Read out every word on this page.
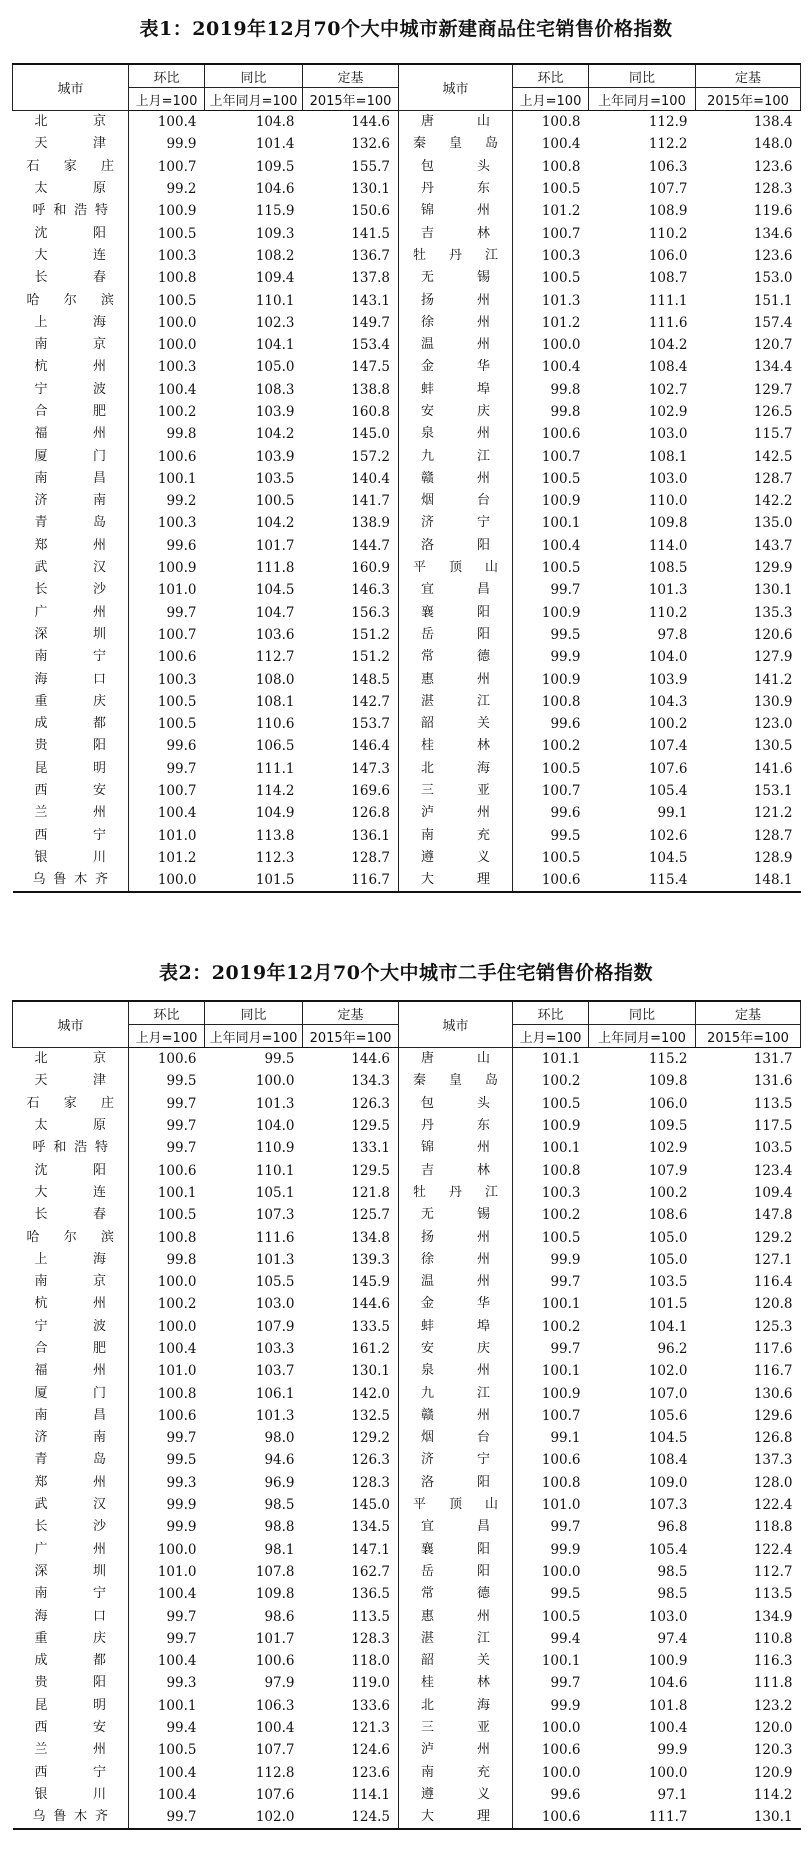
表1：2019年12月70个大中城市新建商品住宅销售价格指数
城市	环比	同比	定基	城市	环比	同比	定基
	上月=100	上年同月=100	2015年=100		上月=100	上年同月=100	2015年=100
北京	100.4	104.8	144.6	唐山	100.8	112.9	138.4
天津	99.9	101.4	132.6	秦皇岛	100.4	112.2	148.0
石家庄	100.7	109.5	155.7	包头	100.8	106.3	123.6
太原	99.2	104.6	130.1	丹东	100.5	107.7	128.3
呼和浩特	100.9	115.9	150.6	锦州	101.2	108.9	119.6
沈阳	100.5	109.3	141.5	吉林	100.7	110.2	134.6
大连	100.3	108.2	136.7	牡丹江	100.3	106.0	123.6
长春	100.8	109.4	137.8	无锡	100.5	108.7	153.0
哈尔滨	100.5	110.1	143.1	扬州	101.3	111.1	151.1
上海	100.0	102.3	149.7	徐州	101.2	111.6	157.4
南京	100.0	104.1	153.4	温州	100.0	104.2	120.7
杭州	100.3	105.0	147.5	金华	100.4	108.4	134.4
宁波	100.4	108.3	138.8	蚌埠	99.8	102.7	129.7
合肥	100.2	103.9	160.8	安庆	99.8	102.9	126.5
福州	99.8	104.2	145.0	泉州	100.6	103.0	115.7
厦门	100.6	103.9	157.2	九江	100.7	108.1	142.5
南昌	100.1	103.5	140.4	赣州	100.5	103.0	128.7
济南	99.2	100.5	141.7	烟台	100.9	110.0	142.2
青岛	100.3	104.2	138.9	济宁	100.1	109.8	135.0
郑州	99.6	101.7	144.7	洛阳	100.4	114.0	143.7
武汉	100.9	111.8	160.9	平顶山	100.5	108.5	129.9
长沙	101.0	104.5	146.3	宜昌	99.7	101.3	130.1
广州	99.7	104.7	156.3	襄阳	100.9	110.2	135.3
深圳	100.7	103.6	151.2	岳阳	99.5	97.8	120.6
南宁	100.6	112.7	151.2	常德	99.9	104.0	127.9
海口	100.3	108.0	148.5	惠州	100.9	103.9	141.2
重庆	100.5	108.1	142.7	湛江	100.8	104.3	130.9
成都	100.5	110.6	153.7	韶关	99.6	100.2	123.0
贵阳	99.6	106.5	146.4	桂林	100.2	107.4	130.5
昆明	99.7	111.1	147.3	北海	100.5	107.6	141.6
西安	100.7	114.2	169.6	三亚	100.7	105.4	153.1
兰州	100.4	104.9	126.8	泸州	99.6	99.1	121.2
西宁	101.0	113.8	136.1	南充	99.5	102.6	128.7
银川	101.2	112.3	128.7	遵义	100.5	104.5	128.9
乌鲁木齐	100.0	101.5	116.7	大理	100.6	115.4	148.1
表2：2019年12月70个大中城市二手住宅销售价格指数
城市	环比	同比	定基	城市	环比	同比	定基
	上月=100	上年同月=100	2015年=100		上月=100	上年同月=100	2015年=100
北京	100.6	99.5	144.6	唐山	101.1	115.2	131.7
天津	99.5	100.0	134.3	秦皇岛	100.2	109.8	131.6
石家庄	99.7	101.3	126.3	包头	100.5	106.0	113.5
太原	99.7	104.0	129.5	丹东	100.9	109.5	117.5
呼和浩特	99.7	110.9	133.1	锦州	100.1	102.9	103.5
沈阳	100.6	110.1	129.5	吉林	100.8	107.9	123.4
大连	100.1	105.1	121.8	牡丹江	100.3	100.2	109.4
长春	100.5	107.3	125.7	无锡	100.2	108.6	147.8
哈尔滨	100.8	111.6	134.8	扬州	100.5	105.0	129.2
上海	99.8	101.3	139.3	徐州	99.9	105.0	127.1
南京	100.0	105.5	145.9	温州	99.7	103.5	116.4
杭州	100.2	103.0	144.6	金华	100.1	101.5	120.8
宁波	100.0	107.9	133.5	蚌埠	100.2	104.1	125.3
合肥	100.4	103.3	161.2	安庆	99.7	96.2	117.6
福州	101.0	103.7	130.1	泉州	100.1	102.0	116.7
厦门	100.8	106.1	142.0	九江	100.9	107.0	130.6
南昌	100.6	101.3	132.5	赣州	100.7	105.6	129.6
济南	99.7	98.0	129.2	烟台	99.1	104.5	126.8
青岛	99.5	94.6	126.3	济宁	100.6	108.4	137.3
郑州	99.3	96.9	128.3	洛阳	100.8	109.0	128.0
武汉	99.9	98.5	145.0	平顶山	101.0	107.3	122.4
长沙	99.9	98.8	134.5	宜昌	99.7	96.8	118.8
广州	100.0	98.1	147.1	襄阳	99.9	105.4	122.4
深圳	101.0	107.8	162.7	岳阳	100.0	98.5	112.7
南宁	100.4	109.8	136.5	常德	99.5	98.5	113.5
海口	99.7	98.6	113.5	惠州	100.5	103.0	134.9
重庆	99.7	101.7	128.3	湛江	99.4	97.4	110.8
成都	100.4	100.6	118.0	韶关	100.1	100.9	116.3
贵阳	99.3	97.9	119.0	桂林	99.7	104.6	111.8
昆明	100.1	106.3	133.6	北海	99.9	101.8	123.2
西安	99.4	100.4	121.3	三亚	100.0	100.4	120.0
兰州	100.5	107.7	124.6	泸州	100.6	99.9	120.3
西宁	100.4	112.8	123.6	南充	100.0	100.0	120.9
银川	100.4	107.6	114.1	遵义	99.6	97.1	114.2
乌鲁木齐	99.7	102.0	124.5	大理	100.6	111.7	130.1
